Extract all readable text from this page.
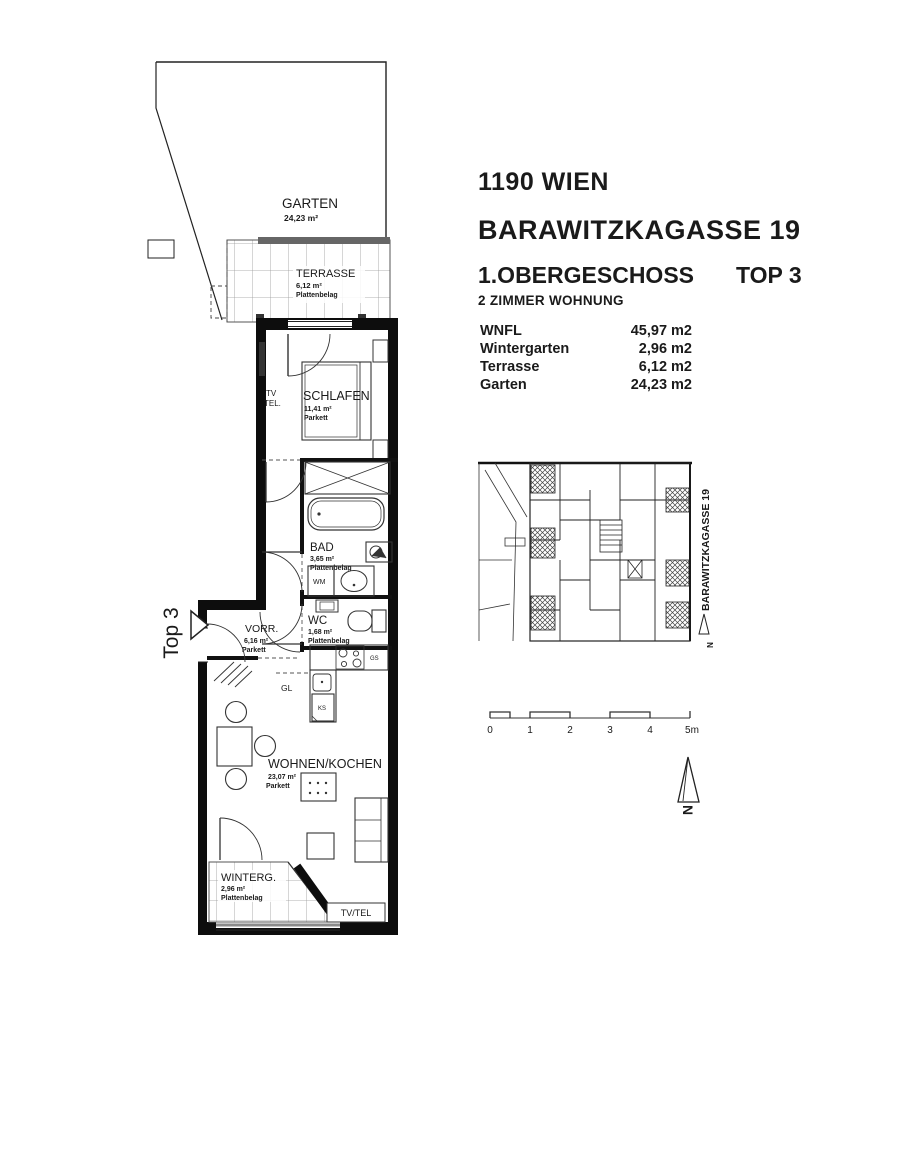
GARTEN
24,23 m²
TERRASSE
6,12 m²
Plattenbelag
TV
TEL.
SCHLAFEN
11,41 m²
Parkett
BAD
3,65 m²
Plattenbelag
WM
WC
1,68 m²
Plattenbelag
GS
KS
GL
VORR.
6,16 m²
Parkett
Top 3
WOHNEN/KOCHEN
23,07 m²
Parkett
WINTERG.
2,96 m²
Plattenbelag
TV/TEL
BARAWITZKAGASSE 19
N
0	1	2	3	4	5m
N
1190 WIEN
BARAWITZKAGASSE 19
1.OBERGESCHOSS TOP 3
2 ZIMMER WOHNUNG
WNFL	45,97 m2
Wintergarten	2,96 m2
Terrasse	6,12 m2
Garten	24,23 m2
